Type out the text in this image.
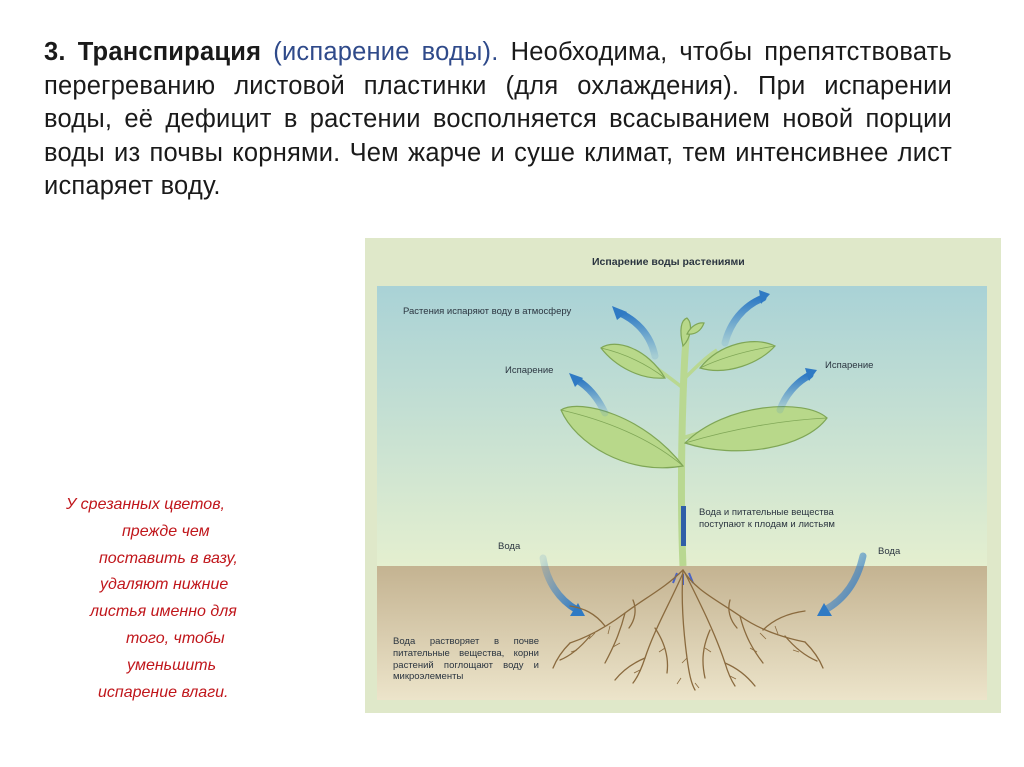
3. Транспирация (испарение воды). Необходима, чтобы препятствовать перегреванию листовой пластинки (для охлаждения). При испарении воды, её дефицит в растении восполняется всасыванием новой порции воды из почвы корнями. Чем жарче и суше климат, тем интенсивнее лист испаряет воду.
У срезанных цветов,
прежде чем
поставить в вазу,
удаляют нижние
листья именно для
того, чтобы
уменьшить
испарение влаги.
Испарение воды растениями
Растения испаряют воду в атмосферу
Испарение	Испарение
Вода и питательные вещества поступают к плодам и листьям
Вода	Вода
Вода растворяет в почве питательные вещества, корни растений поглощают воду и микроэлементы
